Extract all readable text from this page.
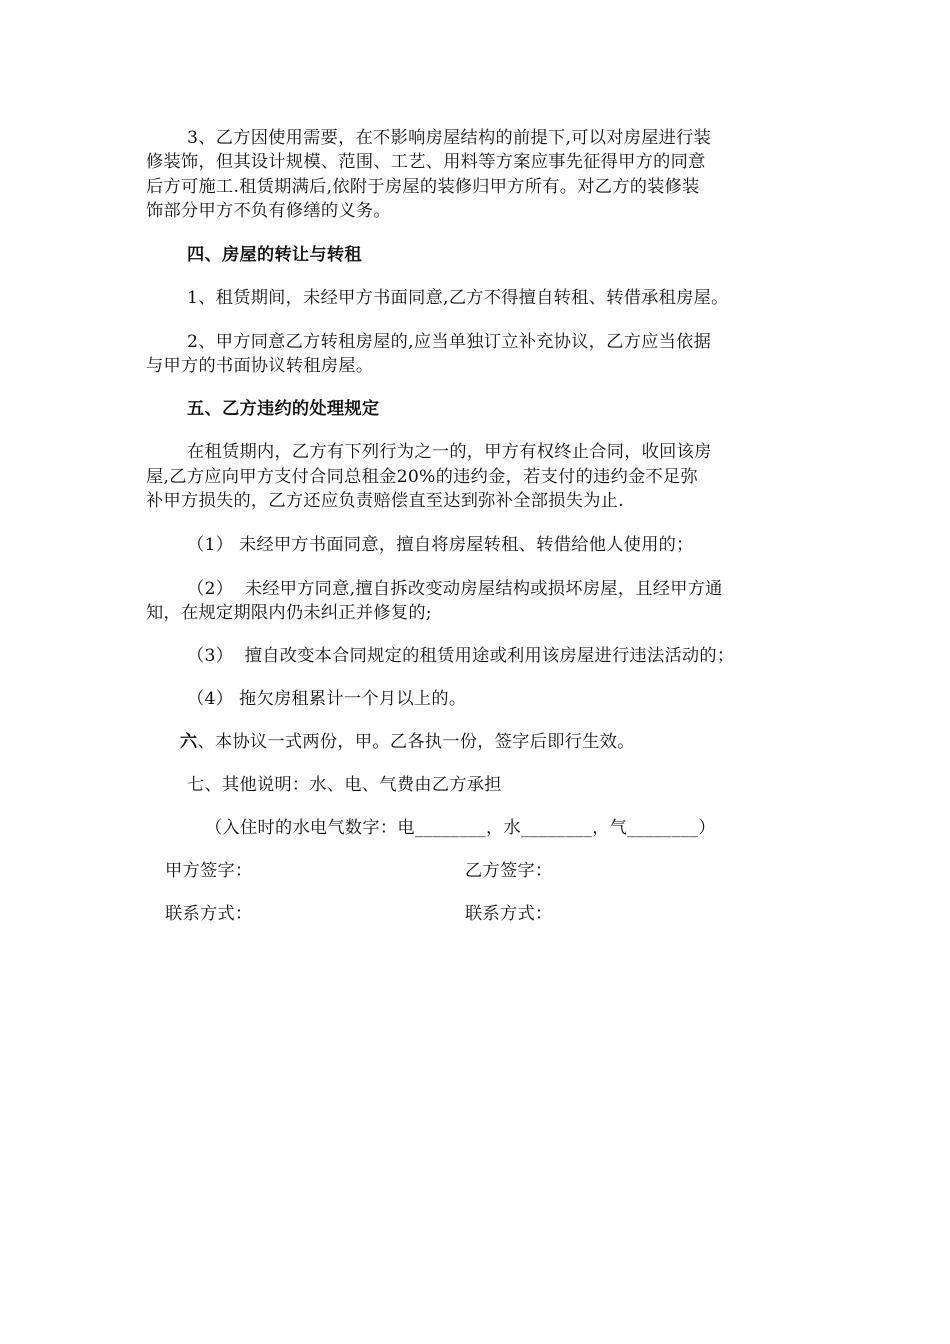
3、乙方因使用需要，在不影响房屋结构的前提下,可以对房屋进行装
修装饰，但其设计规模、范围、工艺、用料等方案应事先征得甲方的同意
后方可施工.租赁期满后,依附于房屋的装修归甲方所有。对乙方的装修装
饰部分甲方不负有修缮的义务。
四、房屋的转让与转租
1、租赁期间，未经甲方书面同意,乙方不得擅自转租、转借承租房屋。
2、甲方同意乙方转租房屋的,应当单独订立补充协议，乙方应当依据
与甲方的书面协议转租房屋。
五、乙方违约的处理规定
在租赁期内，乙方有下列行为之一的，甲方有权终止合同，收回该房
屋,乙方应向甲方支付合同总租金20%的违约金，若支付的违约金不足弥
补甲方损失的，乙方还应负责赔偿直至达到弥补全部损失为止.
（1） 未经甲方书面同意，擅自将房屋转租、转借给他人使用的；
（2）  未经甲方同意,擅自拆改变动房屋结构或损坏房屋，且经甲方通
知，在规定期限内仍未纠正并修复的;
（3）  擅自改变本合同规定的租赁用途或利用该房屋进行违法活动的；
（4） 拖欠房租累计一个月以上的。
六、本协议一式两份，甲。乙各执一份，签字后即行生效。
七、其他说明：水、电、气费由乙方承担
（入住时的水电气数字：电________，水________，气________）
甲方签字：	乙方签字：
联系方式：	联系方式：
